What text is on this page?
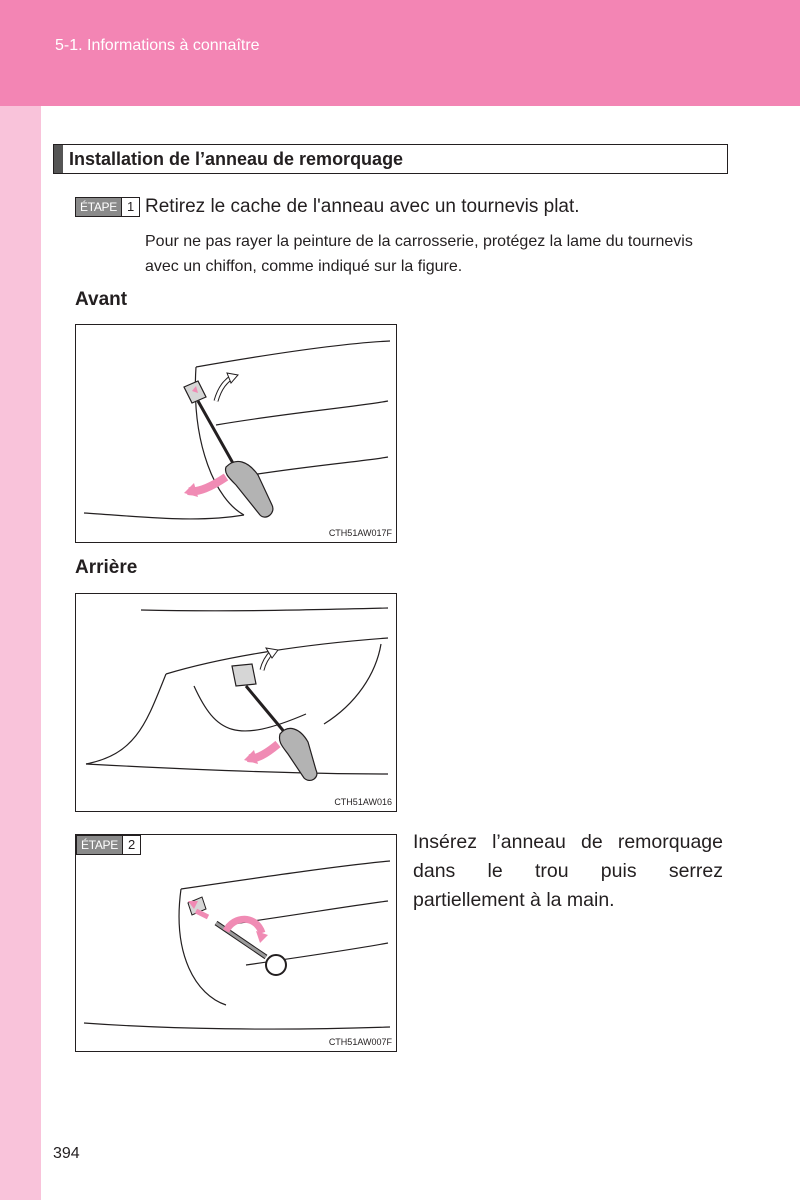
5-1. Informations à connaître
Installation de l’anneau de remorquage
ÉTAPE 1 Retirez le cache de l'anneau avec un tournevis plat.
Pour ne pas rayer la peinture de la carrosserie, protégez la lame du tournevis avec un chiffon, comme indiqué sur la figure.
Avant
CTH51AW017F
Arrière
CTH51AW016
ÉTAPE 2
CTH51AW007F
Insérez l’anneau de remorquage dans le trou puis serrez partiellement à la main.
394
